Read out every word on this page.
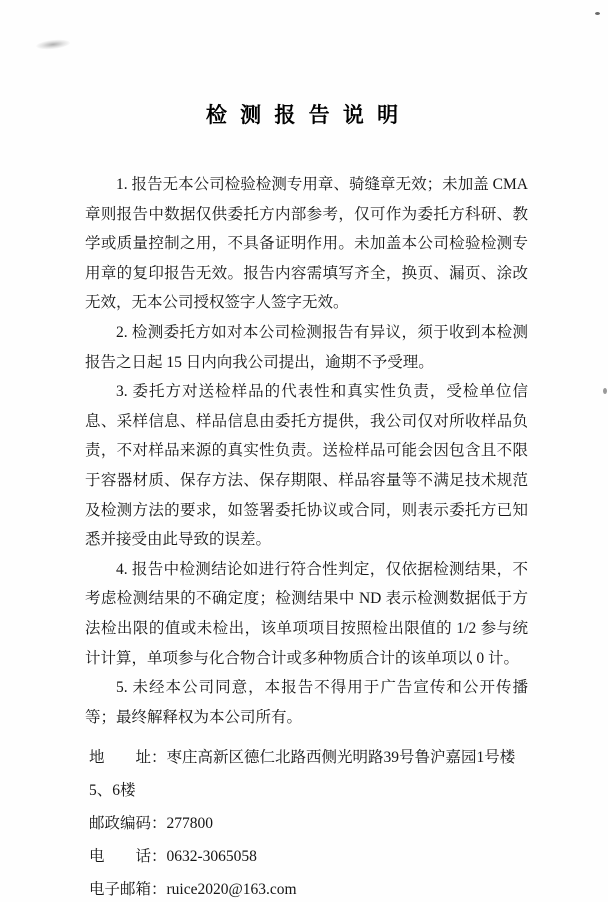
检 测 报 告 说 明

1. 报告无本公司检验检测专用章、骑缝章无效；未加盖 CMA 章则报告中数据仅供委托方内部参考，仅可作为委托方科研、教学或质量控制之用，不具备证明作用。未加盖本公司检验检测专用章的复印报告无效。报告内容需填写齐全，换页、漏页、涂改无效，无本公司授权签字人签字无效。

2. 检测委托方如对本公司检测报告有异议，须于收到本检测报告之日起 15 日内向我公司提出，逾期不予受理。

3. 委托方对送检样品的代表性和真实性负责，受检单位信息、采样信息、样品信息由委托方提供，我公司仅对所收样品负责，不对样品来源的真实性负责。送检样品可能会因包含且不限于容器材质、保存方法、保存期限、样品容量等不满足技术规范及检测方法的要求，如签署委托协议或合同，则表示委托方已知悉并接受由此导致的误差。

4. 报告中检测结论如进行符合性判定，仅依据检测结果，不考虑检测结果的不确定度；检测结果中 ND 表示检测数据低于方法检出限的值或未检出，该单项项目按照检出限值的 1/2 参与统计计算，单项参与化合物合计或多种物质合计的该单项以 0 计。

5. 未经本公司同意，本报告不得用于广告宣传和公开传播等；最终解释权为本公司所有。

地　　址：枣庄高新区德仁北路西侧光明路39号鲁沪嘉园1号楼5、6楼

邮政编码：277800

电　　话：0632-3065058

电子邮箱：ruice2020@163.com
